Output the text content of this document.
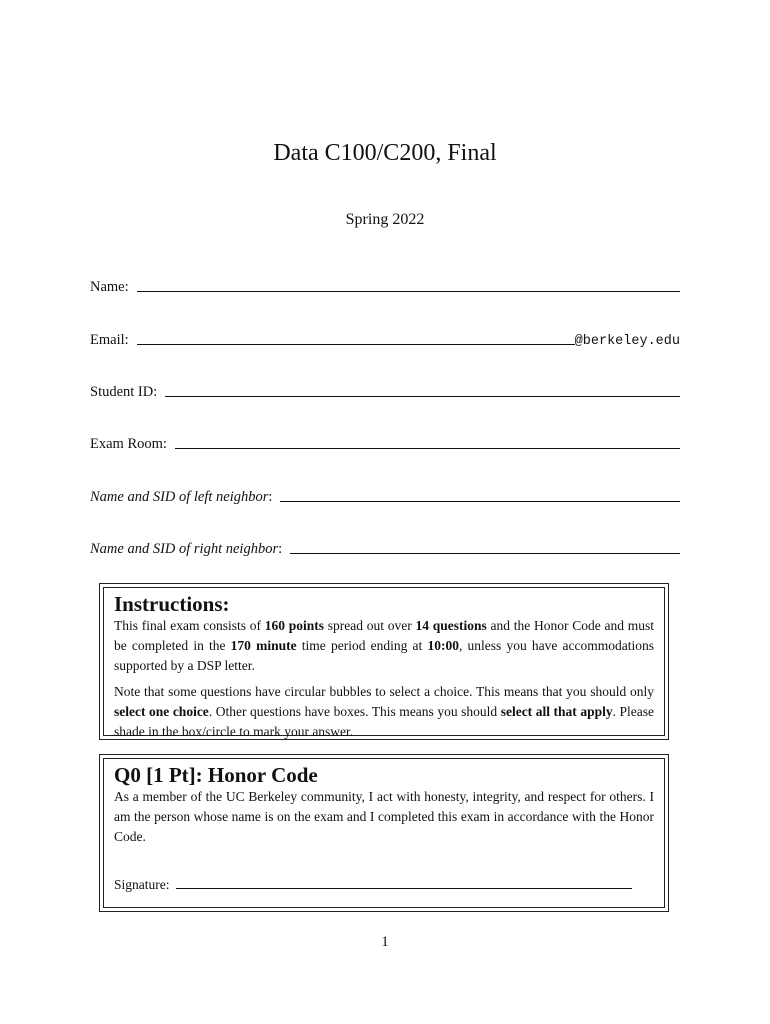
Data C100/C200, Final
Spring 2022
Name:
Email:	@berkeley.edu
Student ID:
Exam Room:
Name and SID of left neighbor:
Name and SID of right neighbor:
Instructions:

This final exam consists of 160 points spread out over 14 questions and the Honor Code and must be completed in the 170 minute time period ending at 10:00, unless you have accommodations supported by a DSP letter.

Note that some questions have circular bubbles to select a choice. This means that you should only select one choice. Other questions have boxes. This means you should select all that apply. Please shade in the box/circle to mark your answer.

Q0 [1 Pt]: Honor Code

As a member of the UC Berkeley community, I act with honesty, integrity, and respect for others. I am the person whose name is on the exam and I completed this exam in accordance with the Honor Code.

Signature:
1
